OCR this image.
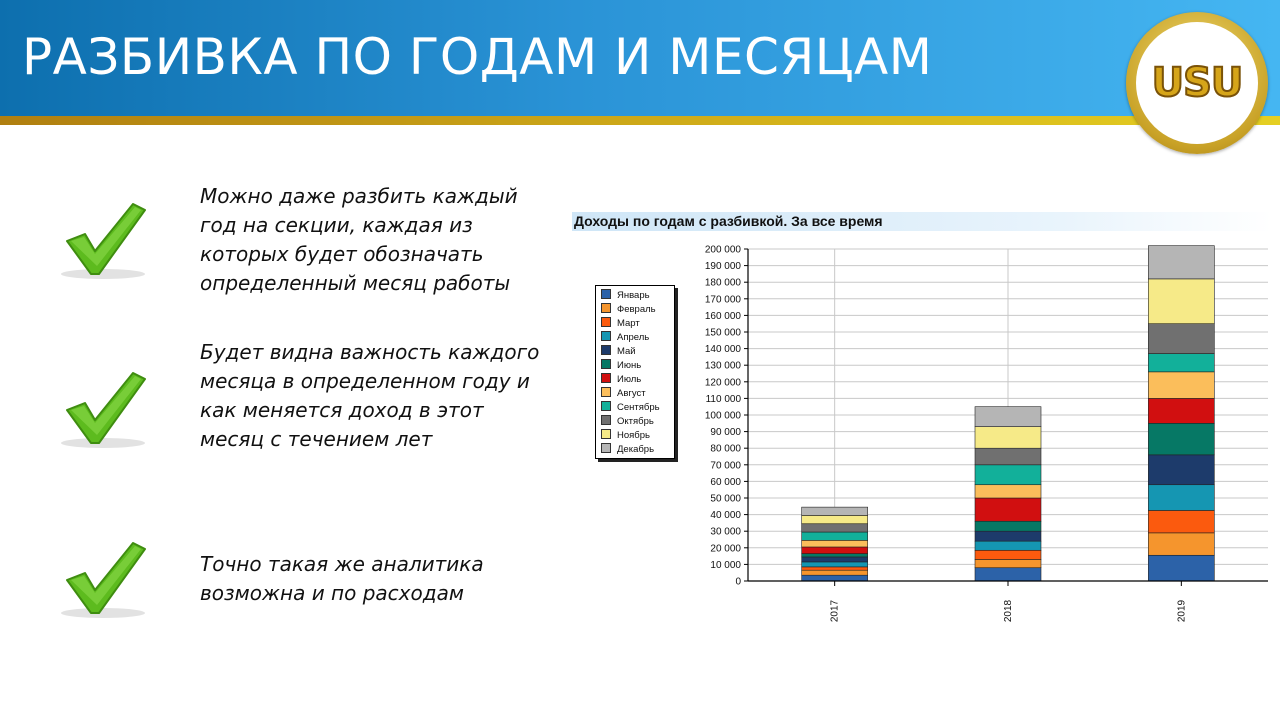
РАЗБИВКА ПО ГОДАМ И МЕСЯЦАМ	USU
Можно даже разбить каждый год на секции, каждая из которых будет обозначать определенный месяц работы
Будет видна важность каждого месяца в определенном году и как меняется доход в этот месяц с течением лет
Точно такая же аналитика возможна и по расходам
Доходы по годам с разбивкой. За все время
Январь
Февраль
Март
Апрель
Май
Июнь
Июль
Август
Сентябрь
Октябрь
Ноябрь
Декабрь
0
10 000
20 000
30 000
40 000
50 000
60 000
70 000
80 000
90 000
100 000
110 000
120 000
130 000
140 000
150 000
160 000
170 000
180 000
190 000
200 000
2017	2018	2019
